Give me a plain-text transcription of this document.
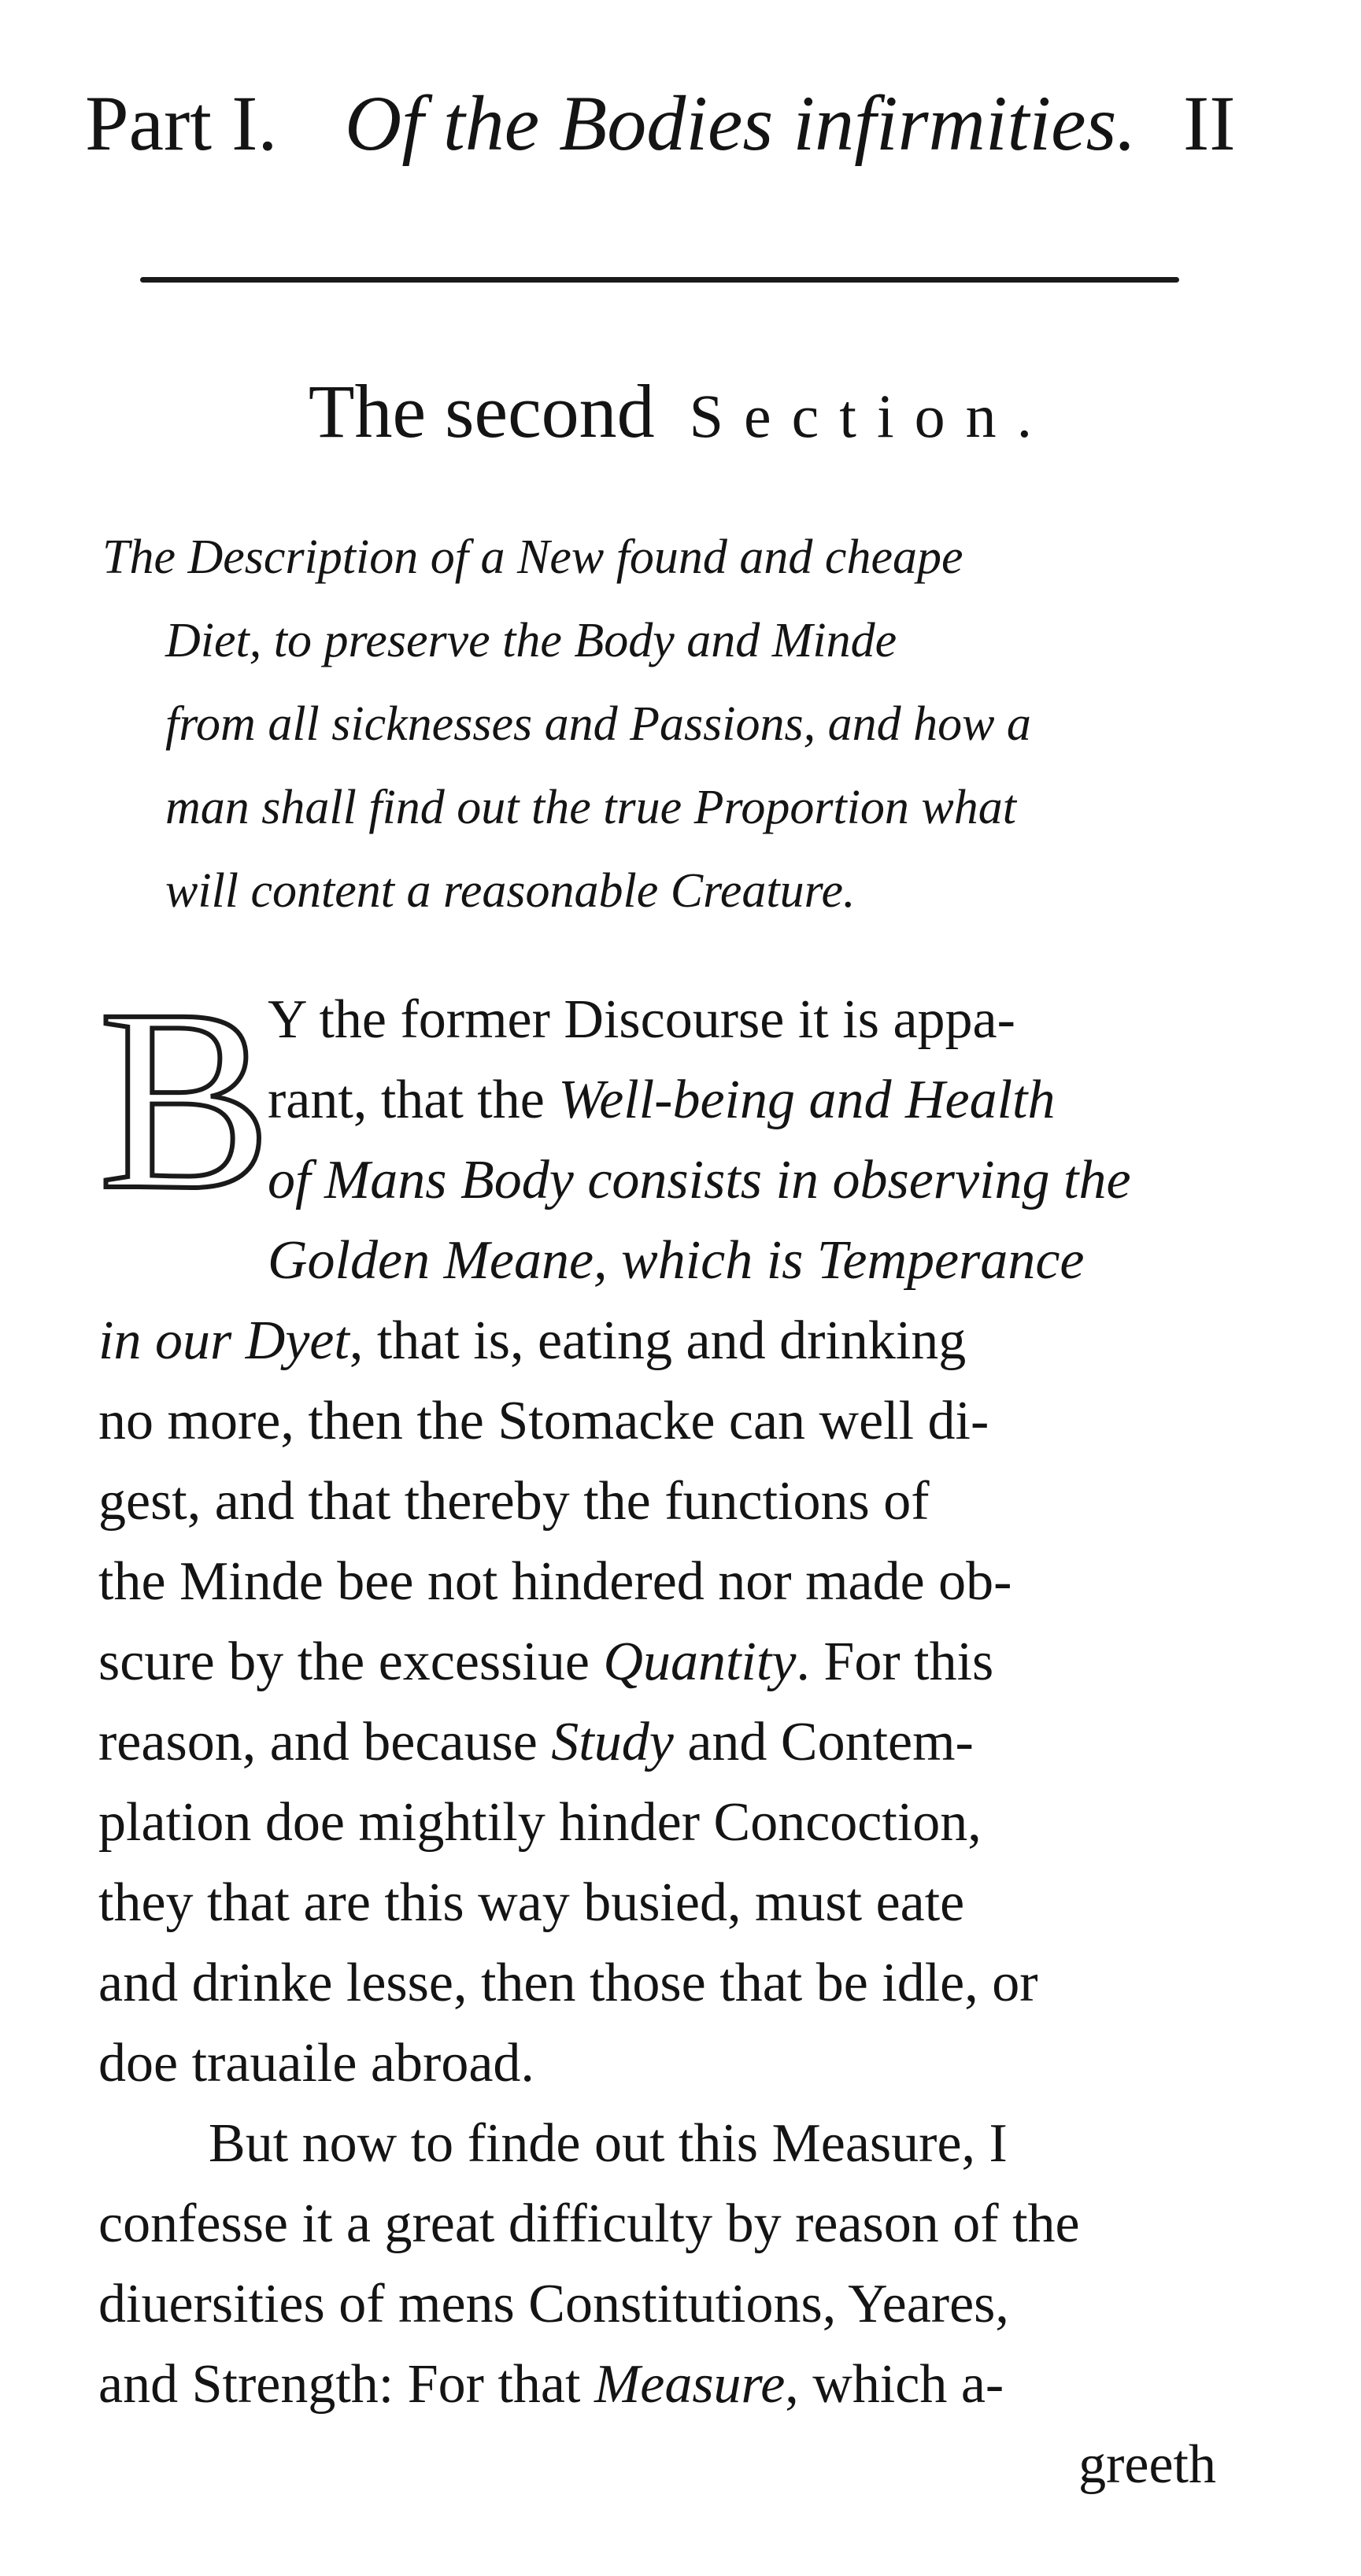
Part I. Of the Bodies infirmities. II
The second Section.
The Description of a New found and cheape
Diet, to preserve the Body and Minde
from all sicknesses and Passions, and how a
man shall find out the true Proportion what
will content a reasonable Creature.
B
Y the former Discourse it is appa-
rant, that the Well-being and Health
of Mans Body consists in observing the
Golden Meane, which is Temperance
in our Dyet, that is, eating and drinking
no more, then the Stomacke can well di-
gest, and that thereby the functions of
the Minde bee not hindered nor made ob-
scure by the excessiue Quantity. For this
reason, and because Study and Contem-
plation doe mightily hinder Concoction,
they that are this way busied, must eate
and drinke lesse, then those that be idle, or
doe trauaile abroad.
But now to finde out this Measure, I
confesse it a great difficulty by reason of the
diuersities of mens Constitutions, Yeares,
and Strength: For that Measure, which a-
greeth
